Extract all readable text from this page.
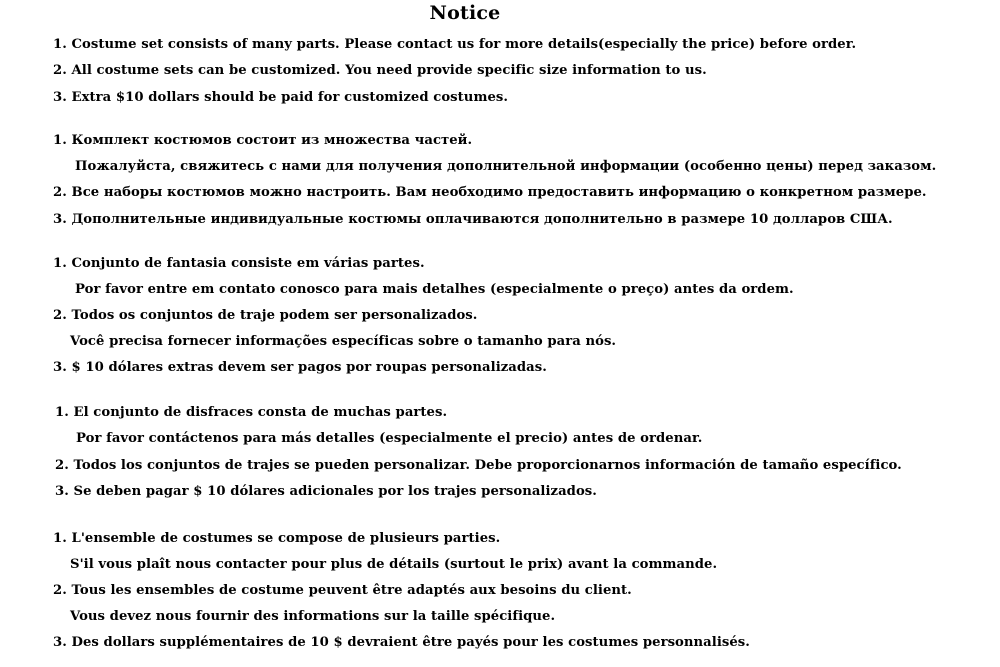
Notice
1. Costume set consists of many parts. Please contact us for more details(especially the price) before order.
2. All costume sets can be customized. You need provide specific size information to us.
3. Extra $10 dollars should be paid for customized costumes.
1. Комплект костюмов состоит из множества частей.
Пожалуйста, свяжитесь с нами для получения дополнительной информации (особенно цены) перед заказом.
2. Все наборы костюмов можно настроить. Вам необходимо предоставить информацию о конкретном размере.
3. Дополнительные индивидуальные костюмы оплачиваются дополнительно в размере 10 долларов США.
1. Conjunto de fantasia consiste em várias partes.
Por favor entre em contato conosco para mais detalhes (especialmente o preço) antes da ordem.
2. Todos os conjuntos de traje podem ser personalizados.
Você precisa fornecer informações específicas sobre o tamanho para nós.
3. $ 10 dólares extras devem ser pagos por roupas personalizadas.
1. El conjunto de disfraces consta de muchas partes.
Por favor contáctenos para más detalles (especialmente el precio) antes de ordenar.
2. Todos los conjuntos de trajes se pueden personalizar. Debe proporcionarnos información de tamaño específico.
3. Se deben pagar $ 10 dólares adicionales por los trajes personalizados.
1. L'ensemble de costumes se compose de plusieurs parties.
S'il vous plaît nous contacter pour plus de détails (surtout le prix) avant la commande.
2. Tous les ensembles de costume peuvent être adaptés aux besoins du client.
Vous devez nous fournir des informations sur la taille spécifique.
3. Des dollars supplémentaires de 10 $ devraient être payés pour les costumes personnalisés.
